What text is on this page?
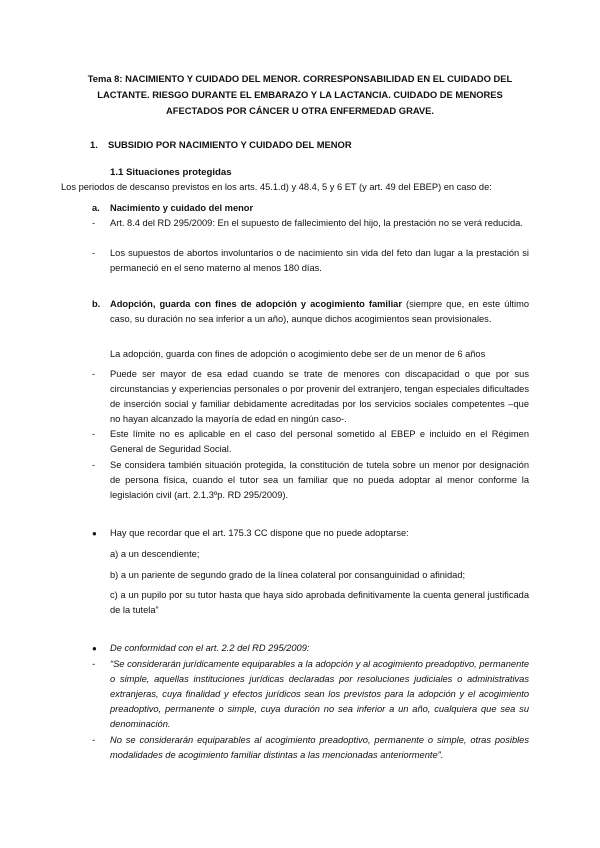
Tema 8: NACIMIENTO Y CUIDADO DEL MENOR. CORRESPONSABILIDAD EN EL CUIDADO DEL LACTANTE. RIESGO DURANTE EL EMBARAZO Y LA LACTANCIA. CUIDADO DE MENORES AFECTADOS POR CÁNCER U OTRA ENFERMEDAD GRAVE.
1. SUBSIDIO POR NACIMIENTO Y CUIDADO DEL MENOR
1.1 Situaciones protegidas
Los periodos de descanso previstos en los arts. 45.1.d) y 48.4, 5 y 6 ET (y art. 49 del EBEP) en caso de:
a. Nacimiento y cuidado del menor
- Art. 8.4 del RD 295/2009: En el supuesto de fallecimiento del hijo, la prestación no se verá reducida.
- Los supuestos de abortos involuntarios o de nacimiento sin vida del feto dan lugar a la prestación si permaneció en el seno materno al menos 180 días.
b. Adopción, guarda con fines de adopción y acogimiento familiar (siempre que, en este último caso, su duración no sea inferior a un año), aunque dichos acogimientos sean provisionales.
La adopción, guarda con fines de adopción o acogimiento debe ser de un menor de 6 años
- Puede ser mayor de esa edad cuando se trate de menores con discapacidad o que por sus circunstancias y experiencias personales o por provenir del extranjero, tengan especiales dificultades de inserción social y familiar debidamente acreditadas por los servicios sociales competentes –que no hayan alcanzado la mayoría de edad en ningún caso-.
- Este límite no es aplicable en el caso del personal sometido al EBEP e incluido en el Régimen General de Seguridad Social.
- Se considera también situación protegida, la constitución de tutela sobre un menor por designación de persona física, cuando el tutor sea un familiar que no pueda adoptar al menor conforme la legislación civil (art. 2.1.3ºp. RD 295/2009).
● Hay que recordar que el art. 175.3 CC dispone que no puede adoptarse:
a) a un descendiente;
b) a un pariente de segundo grado de la línea colateral por consanguinidad o afinidad;
c) a un pupilo por su tutor hasta que haya sido aprobada definitivamente la cuenta general justificada de la tutela”
● De conformidad con el art. 2.2 del RD 295/2009:
- “Se considerarán jurídicamente equiparables a la adopción y al acogimiento preadoptivo, permanente o simple, aquellas instituciones jurídicas declaradas por resoluciones judiciales o administrativas extranjeras, cuya finalidad y efectos jurídicos sean los previstos para la adopción y el acogimiento preadoptivo, permanente o simple, cuya duración no sea inferior a un año, cualquiera que sea su denominación.
- No se considerarán equiparables al acogimiento preadoptivo, permanente o simple, otras posibles modalidades de acogimiento familiar distintas a las mencionadas anteriormente”.
